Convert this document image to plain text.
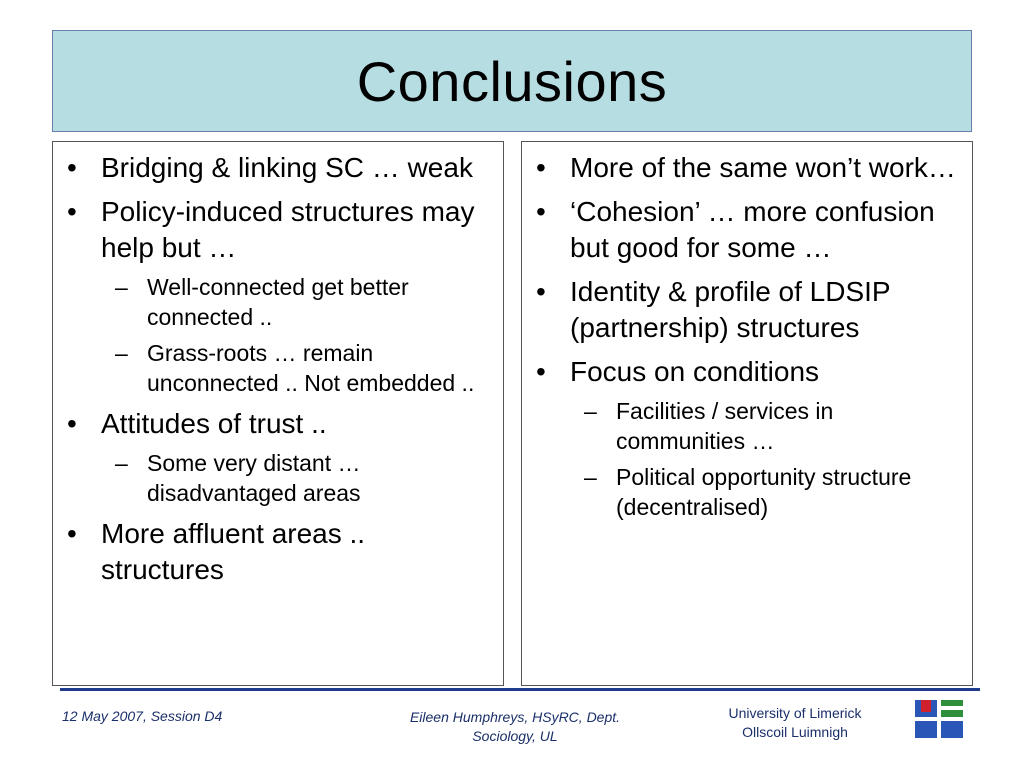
Conclusions
• Bridging & linking SC … weak
• Policy-induced structures may help but …
– Well-connected get better connected ..
– Grass-roots … remain unconnected .. Not embedded ..
• Attitudes of trust ..
– Some very distant … disadvantaged areas
• More affluent areas .. structures
• More of the same won’t work…
• ‘Cohesion’ … more confusion but good for some …
• Identity & profile of LDSIP (partnership) structures
• Focus on conditions
– Facilities / services in communities …
– Political opportunity structure (decentralised)
12 May 2007, Session D4	Eileen Humphreys, HSyRC, Dept.
Sociology, UL
University of Limerick
Ollscoil Luimnigh
